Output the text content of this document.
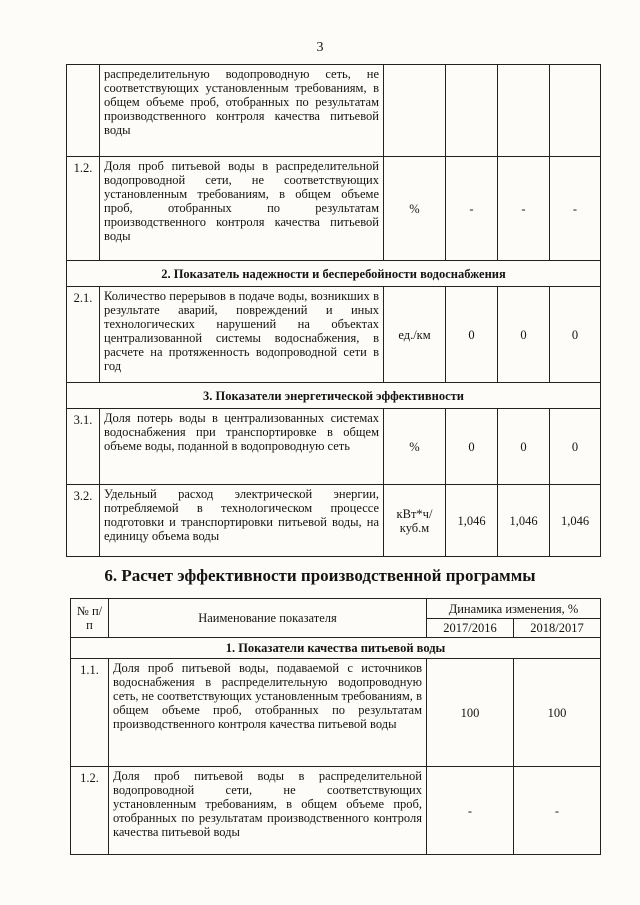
3
	распределительную водопроводную сеть, не соответствующих установленным требованиям, в общем объеме проб, отобранных по результатам производственного контроля качества питьевой воды				
1.2.	Доля проб питьевой воды в распределительной водопроводной сети, не соответствующих установленным требованиям, в общем объеме проб, отобранных по результатам производственного контроля качества питьевой воды	%	-	-	-
2. Показатель надежности и бесперебойности водоснабжения					
2.1.	Количество перерывов в подаче воды, возникших в результате аварий, повреждений и иных технологических нарушений на объектах централизованной системы водоснабжения, в расчете на протяженность водопроводной сети в год	ед./км	0	0	0
3. Показатели энергетической эффективности					
3.1.	Доля потерь воды в централизованных системах водоснабжения при транспортировке в общем объеме воды, поданной в водопроводную сеть	%	0	0	0
3.2.	Удельный расход электрической энергии, потребляемой в технологическом процессе подготовки и транспортировки питьевой воды, на единицу объема воды	кВт*ч/ куб.м	1,046	1,046	1,046
6. Расчет эффективности производственной программы
№ п/п	Наименование показателя	Динамика изменения, %	
		2017/2016	2018/2017
1. Показатели качества питьевой воды			
1.1.	Доля проб питьевой воды, подаваемой с источников водоснабжения в распределительную водопроводную сеть, не соответствующих установленным требованиям, в общем объеме проб, отобранных по результатам производственного контроля качества питьевой воды	100	100
1.2.	Доля проб питьевой воды в распределительной водопроводной сети, не соответствующих установленным требованиям, в общем объеме проб, отобранных по результатам производственного контроля качества питьевой воды	-	-
